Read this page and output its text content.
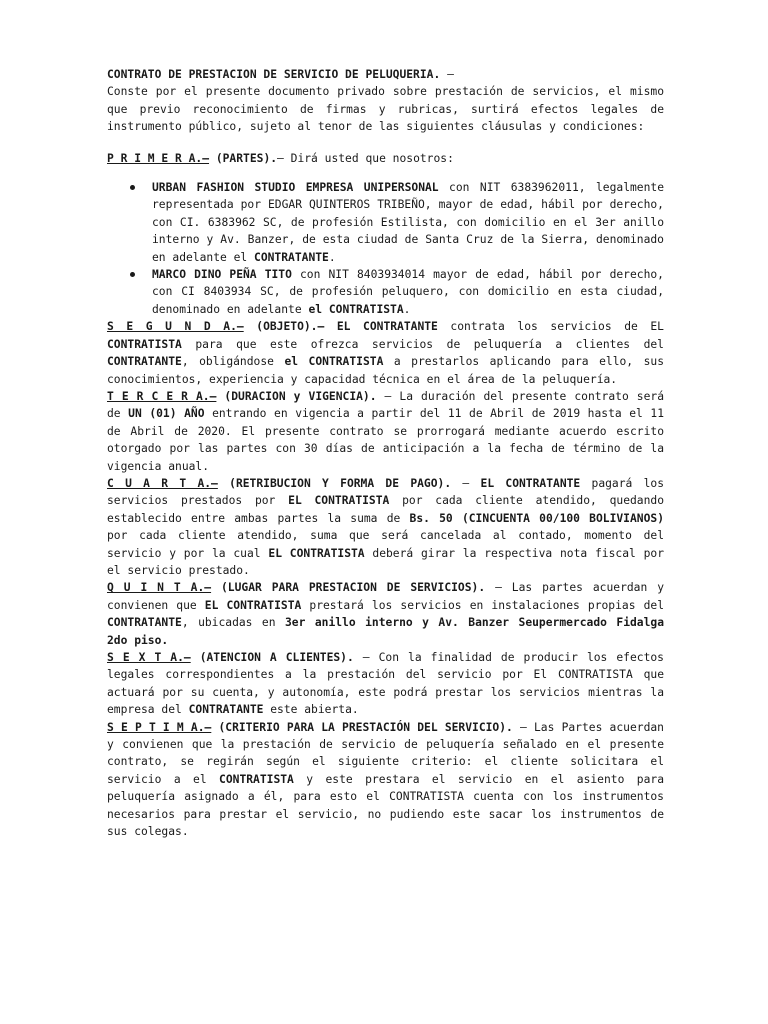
CONTRATO DE PRESTACION DE SERVICIO DE PELUQUERIA. –

Conste por el presente documento privado sobre prestación de servicios, el mismo que previo reconocimiento de firmas y rubricas, surtirá efectos legales de instrumento público, sujeto al tenor de las siguientes cláusulas y condiciones:

P R I M E R A.– (PARTES).– Dirá usted que nosotros:

URBAN FASHION STUDIO EMPRESA UNIPERSONAL con NIT 6383962011, legalmente representada por EDGAR QUINTEROS TRIBEÑO, mayor de edad, hábil por derecho, con CI. 6383962 SC, de profesión Estilista, con domicilio en el 3er anillo interno y Av. Banzer, de esta ciudad de Santa Cruz de la Sierra, denominado en adelante el CONTRATANTE.
MARCO DINO PEÑA TITO con NIT 8403934014 mayor de edad, hábil por derecho, con CI 8403934 SC, de profesión peluquero, con domicilio en esta ciudad, denominado en adelante el CONTRATISTA.

S E G U N D A.– (OBJETO).– EL CONTRATANTE contrata los servicios de EL CONTRATISTA para que este ofrezca servicios de peluquería a clientes del CONTRATANTE, obligándose el CONTRATISTA a prestarlos aplicando para ello, sus conocimientos, experiencia y capacidad técnica en el área de la peluquería.

T E R C E R A.– (DURACION y VIGENCIA). – La duración del presente contrato será de UN (01) AÑO entrando en vigencia a partir del 11 de Abril de 2019 hasta el 11 de Abril de 2020. El presente contrato se prorrogará mediante acuerdo escrito otorgado por las partes con 30 días de anticipación a la fecha de término de la vigencia anual.

C U A R T A.– (RETRIBUCION Y FORMA DE PAGO). – EL CONTRATANTE pagará los servicios prestados por EL CONTRATISTA por cada cliente atendido, quedando establecido entre ambas partes la suma de Bs. 50 (CINCUENTA 00/100 BOLIVIANOS) por cada cliente atendido, suma que será cancelada al contado, momento del servicio y por la cual EL CONTRATISTA deberá girar la respectiva nota fiscal por el servicio prestado.

Q U I N T A.– (LUGAR PARA PRESTACION DE SERVICIOS). – Las partes acuerdan y convienen que EL CONTRATISTA prestará los servicios en instalaciones propias del CONTRATANTE, ubicadas en 3er anillo interno y Av. Banzer Seupermercado Fidalga 2do piso.

S E X T A.– (ATENCION A CLIENTES). – Con la finalidad de producir los efectos legales correspondientes a la prestación del servicio por El CONTRATISTA que actuará por su cuenta, y autonomía, este podrá prestar los servicios mientras la empresa del CONTRATANTE este abierta.

S E P T I M A.– (CRITERIO PARA LA PRESTACIÓN DEL SERVICIO). – Las Partes acuerdan y convienen que la prestación de servicio de peluquería señalado en el presente contrato, se regirán según el siguiente criterio: el cliente solicitara el servicio a el CONTRATISTA y este prestara el servicio en el asiento para peluquería asignado a él, para esto el CONTRATISTA cuenta con los instrumentos necesarios para prestar el servicio, no pudiendo este sacar los instrumentos de sus colegas.
